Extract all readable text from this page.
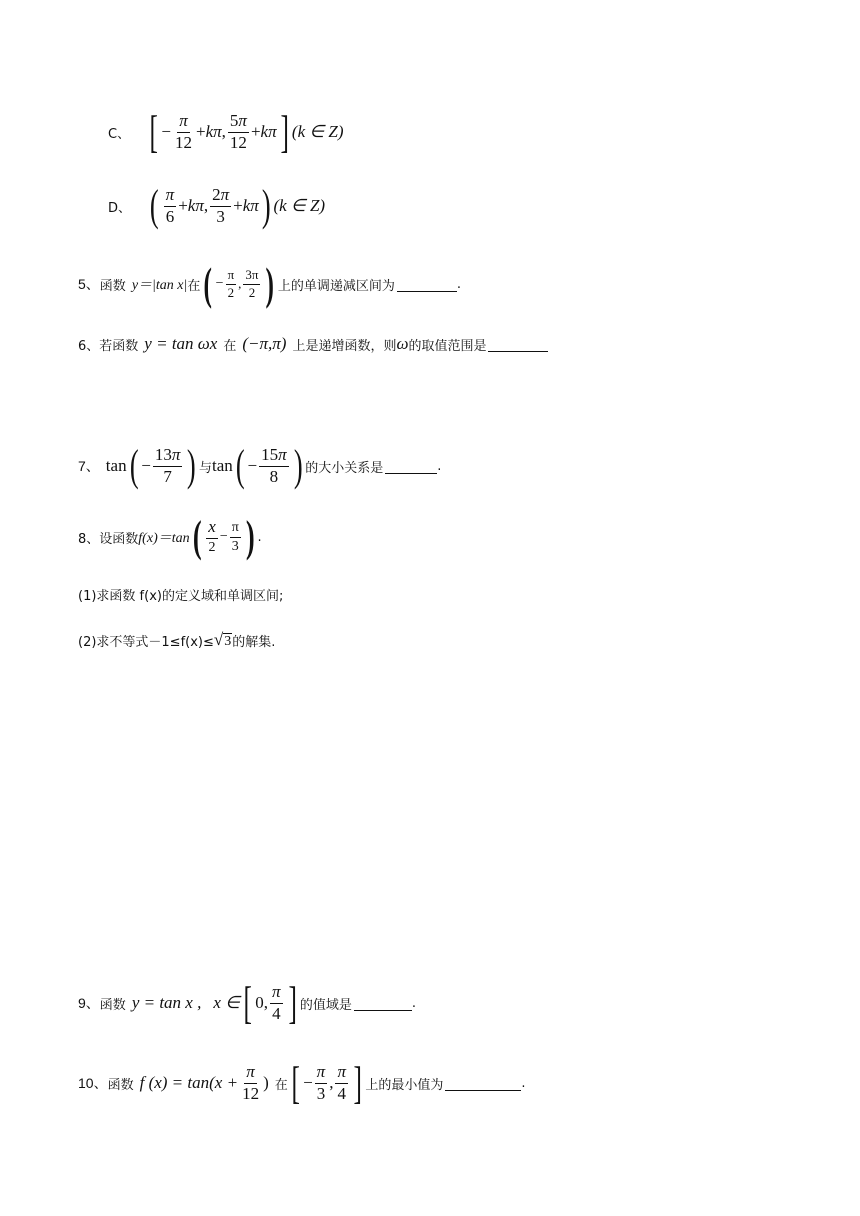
C、 [ − $\frac{\pi}{12} + k\pi$ , $\frac{5\pi}{12} + k\pi$ ] (k ∈ Z)
D、 ( $\frac{\pi}{6} + k\pi$ , $\frac{2\pi}{3} + k\pi$ ) (k ∈ Z)
5、 函数 y＝|tan x| 在 ( − $\frac{\pi}{2}$ , $\frac{3\pi}{2}$ ) 上的单调递减区间为	.
6、 若函数 y = tan ωx 在 (−π,π) 上是递增函数，则 ω 的取值范围是
7、 tan ( − $\frac{13\pi}{7}$ ) 与 tan ( − $\frac{15\pi}{8}$ ) 的大小关系是	.
8、 设函数 f(x)＝tan ( $\frac{x}{2} - \frac{\pi}{3}$ ) .
(1)求函数 f(x)的定义域和单调区间;
(2)求不等式－1≤f(x)≤ √ 3 的解集.
9、 函数 y = tan x , x ∈ [ 0, $\frac{\pi}{4}$ ] 的值域是	.
10、 函数 f $(x) = \tan(x + \frac{\pi}{12}$ ) 在 [ − $\frac{\pi}{3}$ , $\frac{\pi}{4}$ ] 上的最小值为	.
